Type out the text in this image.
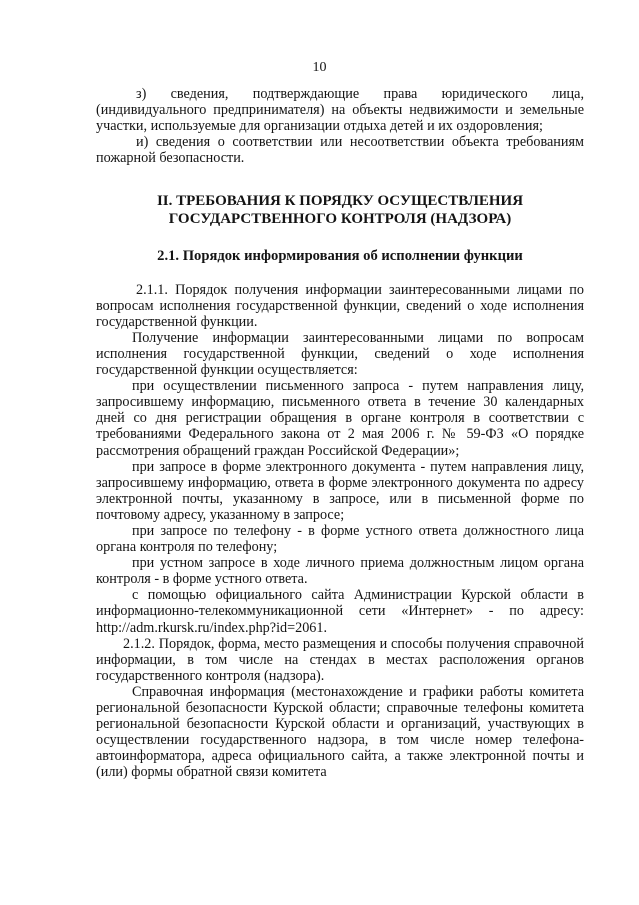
10

з) сведения, подтверждающие права юридического лица, (индивидуального предпринимателя) на объекты недвижимости и земельные участки, используемые для организации отдыха детей и их оздоровления;

и) сведения о соответствии или несоответствии объекта требованиям пожарной безопасности.

II. ТРЕБОВАНИЯ К ПОРЯДКУ ОСУЩЕСТВЛЕНИЯ
ГОСУДАРСТВЕННОГО КОНТРОЛЯ (НАДЗОРА)
2.1. Порядок информирования об исполнении функции

2.1.1. Порядок получения информации заинтересованными лицами по вопросам исполнения государственной функции, сведений о ходе исполнения государственной функции.

Получение информации заинтересованными лицами по вопросам исполнения государственной функции, сведений о ходе исполнения государственной функции осуществляется:

при осуществлении письменного запроса - путем направления лицу, запросившему информацию, письменного ответа в течение 30 календарных дней со дня регистрации обращения в органе контроля в соответствии с требованиями Федерального закона от 2 мая 2006 г. № 59-ФЗ «О порядке рассмотрения обращений граждан Российской Федерации»;

при запросе в форме электронного документа - путем направления лицу, запросившему информацию, ответа в форме электронного документа по адресу электронной почты, указанному в запросе, или в письменной форме по почтовому адресу, указанному в запросе;

при запросе по телефону - в форме устного ответа должностного лица органа контроля по телефону;

при устном запросе в ходе личного приема должностным лицом органа контроля - в форме устного ответа.

с помощью официального сайта Администрации Курской области в информационно-телекоммуникационной сети «Интернет» - по адресу: http://adm.rkursk.ru/index.php?id=2061.

2.1.2. Порядок, форма, место размещения и способы получения справочной информации, в том числе на стендах в местах расположения органов государственного контроля (надзора).

Справочная информация (местонахождение и графики работы комитета региональной безопасности Курской области; справочные телефоны комитета региональной безопасности Курской области и организаций, участвующих в осуществлении государственного надзора, в том числе номер телефона-автоинформатора, адреса официального сайта, а также электронной почты и (или) формы обратной связи комитета
